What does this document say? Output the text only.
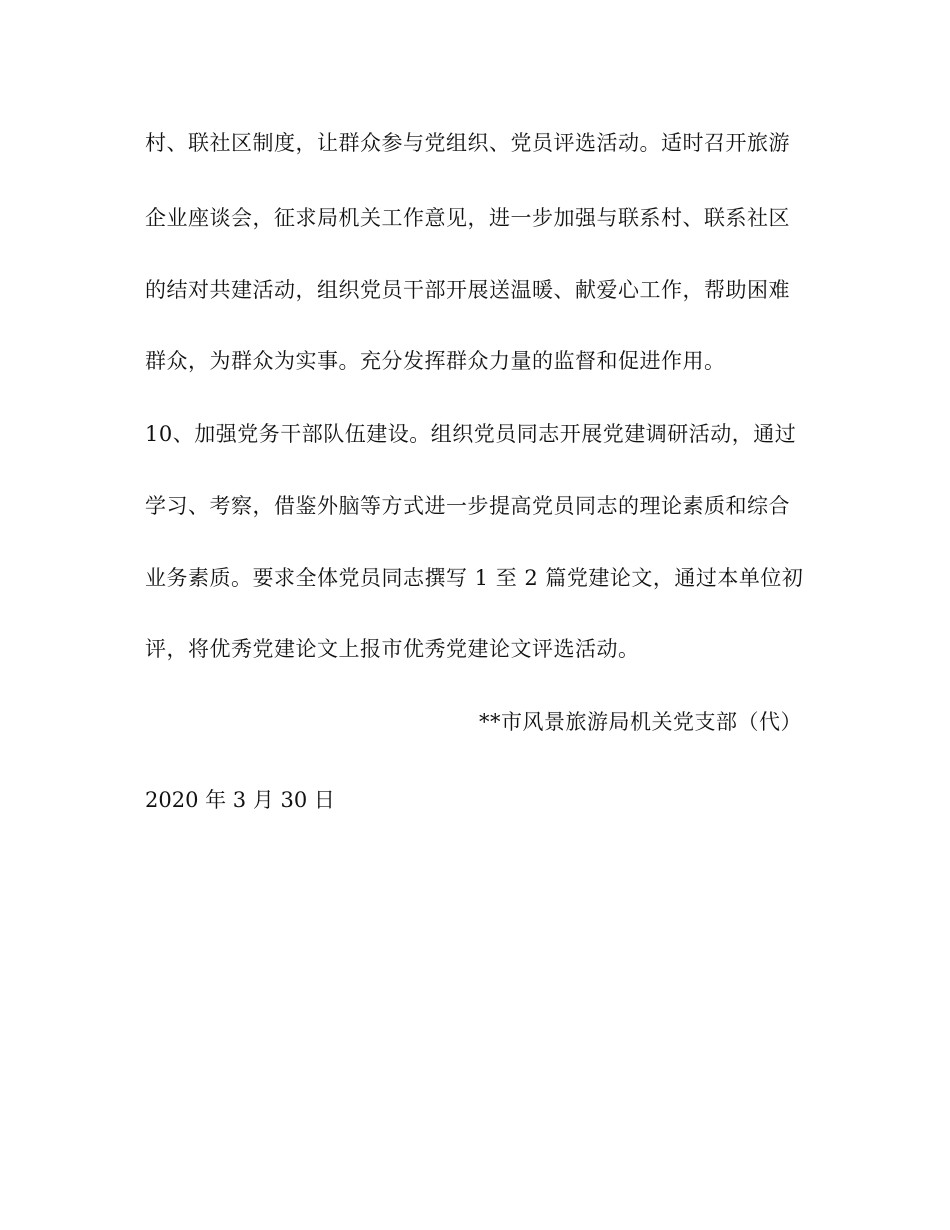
村、联社区制度，让群众参与党组织、党员评选活动。适时召开旅游
企业座谈会，征求局机关工作意见，进一步加强与联系村、联系社区
的结对共建活动，组织党员干部开展送温暖、献爱心工作，帮助困难
群众，为群众为实事。充分发挥群众力量的监督和促进作用。
10、加强党务干部队伍建设。组织党员同志开展党建调研活动，通过
学习、考察，借鉴外脑等方式进一步提高党员同志的理论素质和综合
业务素质。要求全体党员同志撰写 1 至 2 篇党建论文，通过本单位初
评，将优秀党建论文上报市优秀党建论文评选活动。
**市风景旅游局机关党支部（代）
2020 年 3 月 30 日
